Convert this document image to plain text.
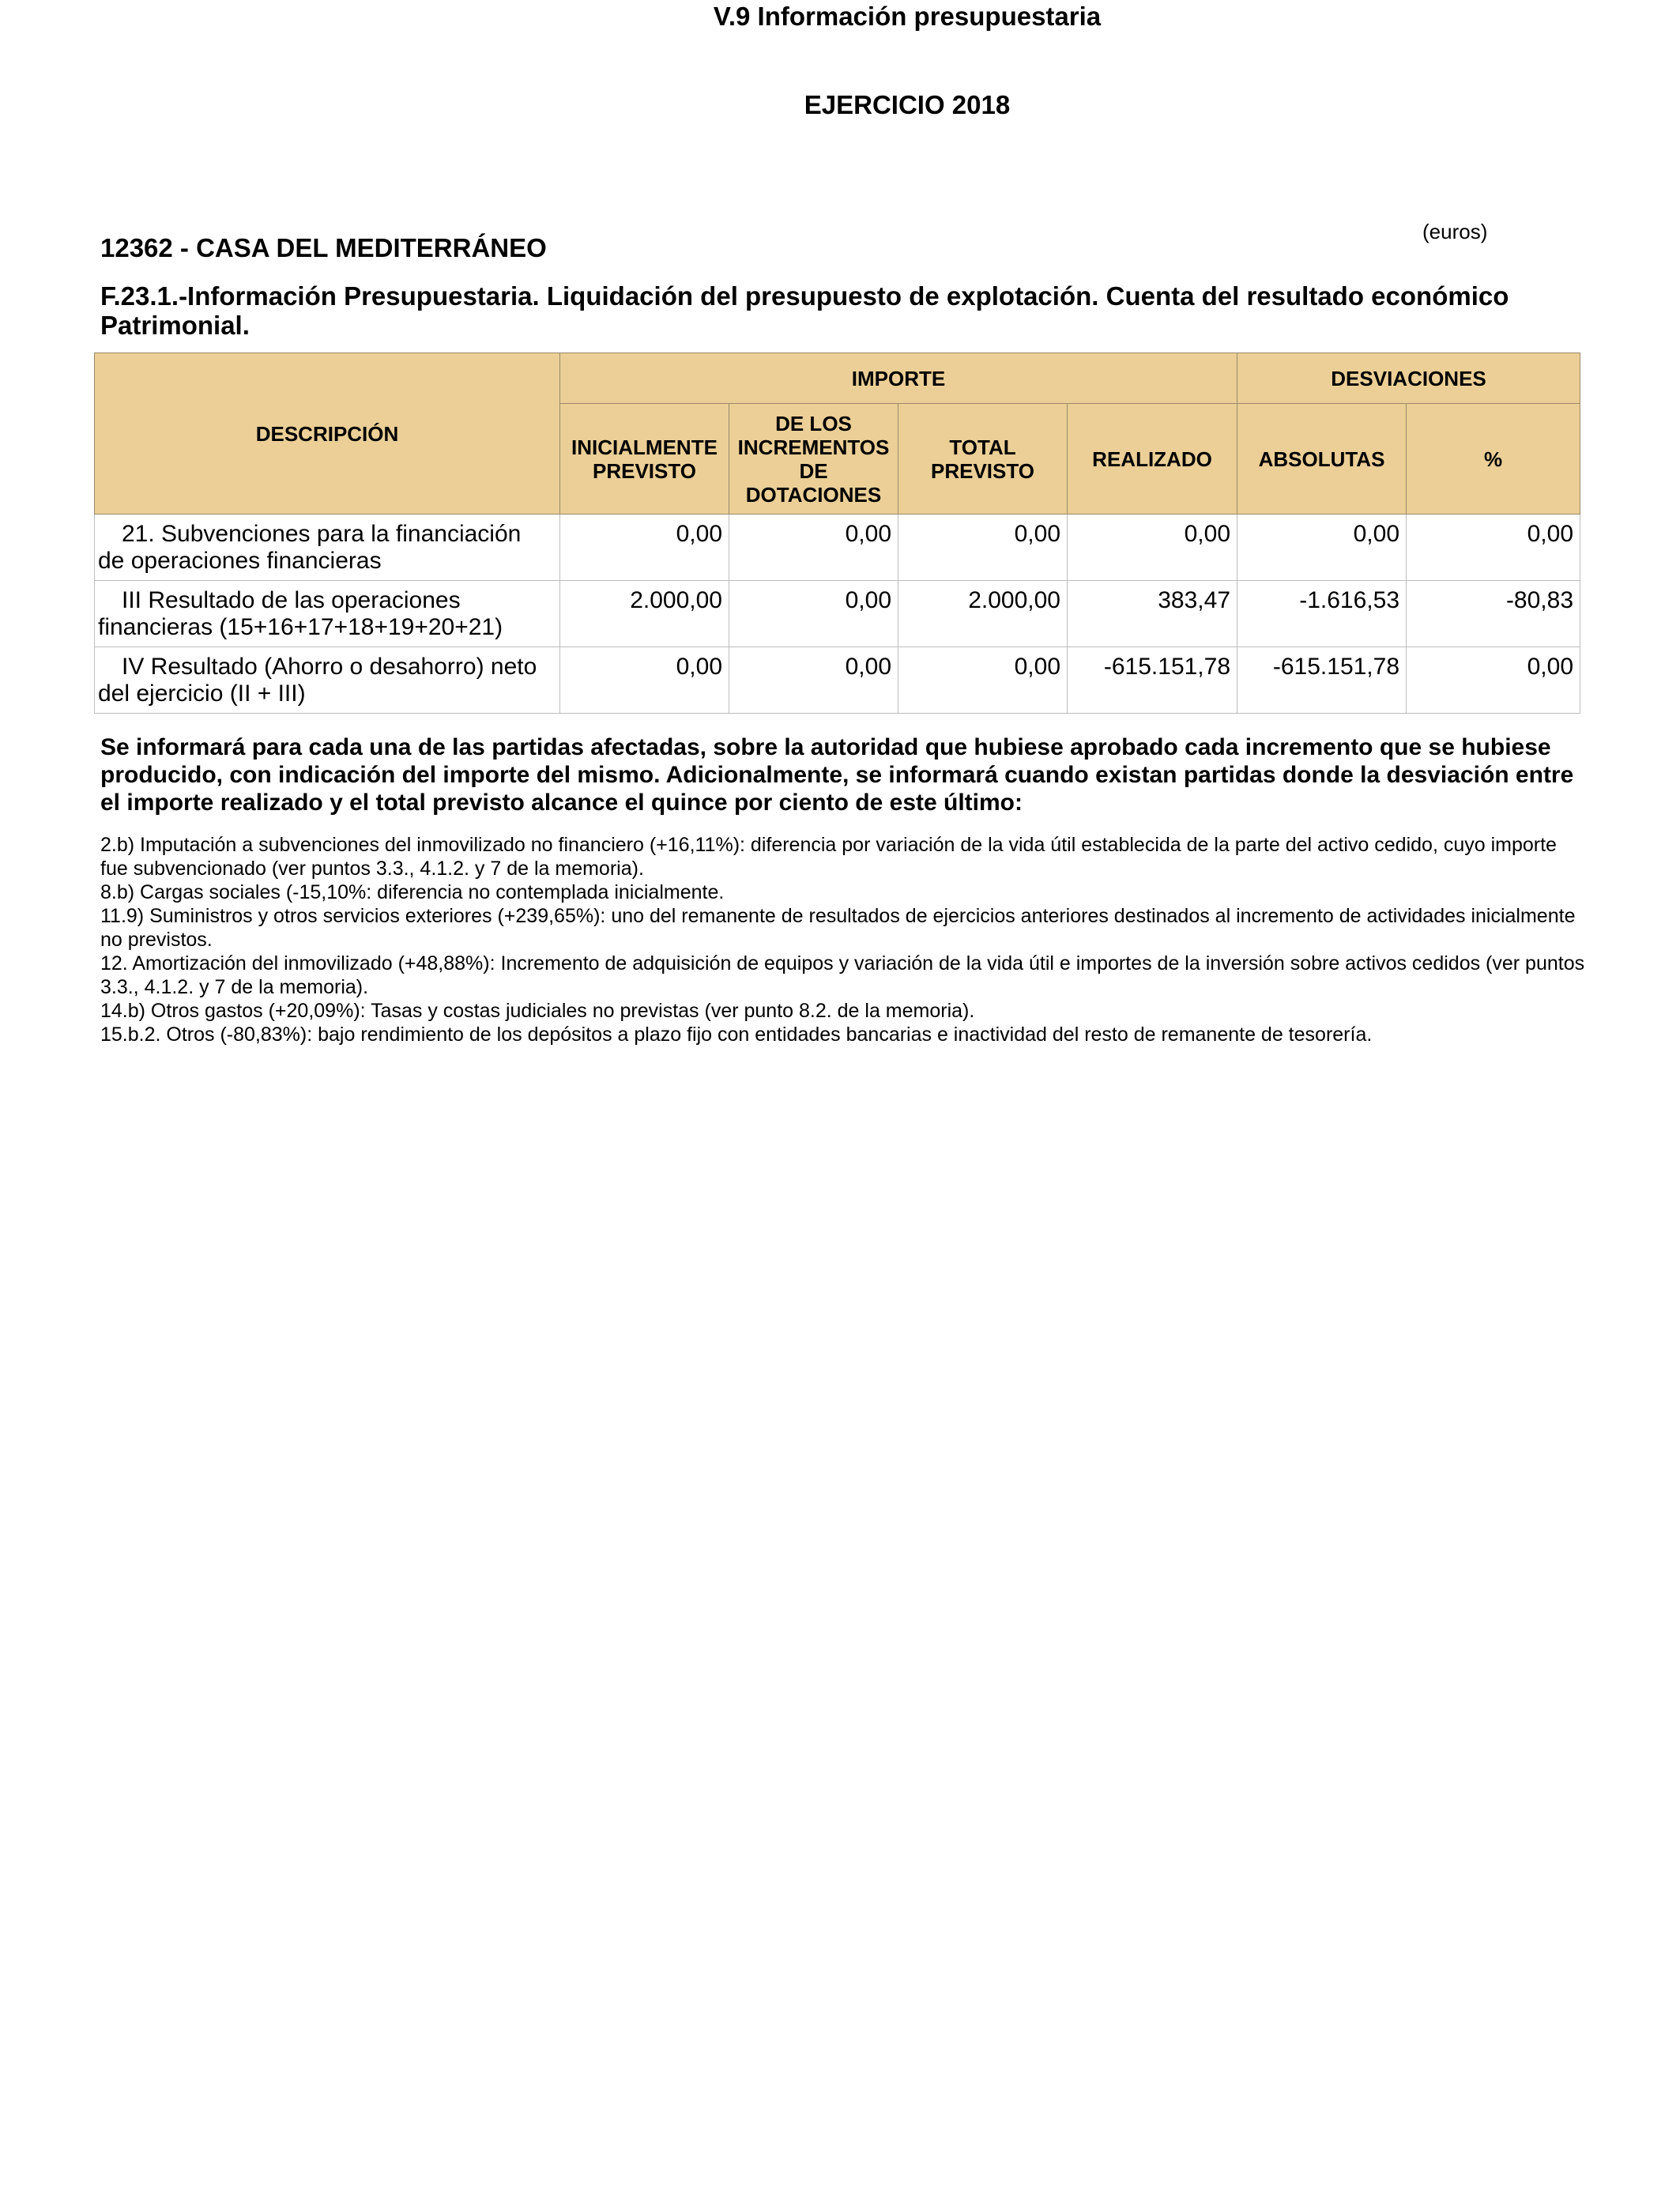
V.9 Información presupuestaria
EJERCICIO 2018
(euros)
12362 - CASA DEL MEDITERRÁNEO
F.23.1.-Información Presupuestaria. Liquidación del presupuesto de explotación. Cuenta del resultado económico Patrimonial.
DESCRIPCIÓN	IMPORTE				DESVIACIONES	
	INICIALMENTE PREVISTO	DE LOS INCREMENTOS DE DOTACIONES	TOTAL PREVISTO	REALIZADO	ABSOLUTAS	%
21. Subvenciones para la financiación de operaciones financieras	0,00	0,00	0,00	0,00	0,00	0,00
III Resultado de las operaciones financieras (15+16+17+18+19+20+21)	2.000,00	0,00	2.000,00	383,47	-1.616,53	-80,83
IV Resultado (Ahorro o desahorro) neto del ejercicio (II + III)	0,00	0,00	0,00	-615.151,78	-615.151,78	0,00
Se informará para cada una de las partidas afectadas, sobre la autoridad que hubiese aprobado cada incremento que se hubiese producido, con indicación del importe del mismo. Adicionalmente, se informará cuando existan partidas donde la desviación entre el importe realizado y el total previsto alcance el quince por ciento de este último:
2.b) Imputación a subvenciones del inmovilizado no financiero (+16,11%): diferencia por variación de la vida útil establecida de la parte del activo cedido, cuyo importe fue subvencionado (ver puntos 3.3., 4.1.2. y 7 de la memoria).
8.b) Cargas sociales (-15,10%: diferencia no contemplada inicialmente.
11.9) Suministros y otros servicios exteriores (+239,65%): uno del remanente de resultados de ejercicios anteriores destinados al incremento de actividades inicialmente no previstos.
12. Amortización del inmovilizado (+48,88%): Incremento de adquisición de equipos y variación de la vida útil e importes de la inversión sobre activos cedidos (ver puntos 3.3., 4.1.2. y 7 de la memoria).
14.b) Otros gastos (+20,09%): Tasas y costas judiciales no previstas (ver punto 8.2. de la memoria).
15.b.2. Otros (-80,83%): bajo rendimiento de los depósitos a plazo fijo con entidades bancarias e inactividad del resto de remanente de tesorería.
